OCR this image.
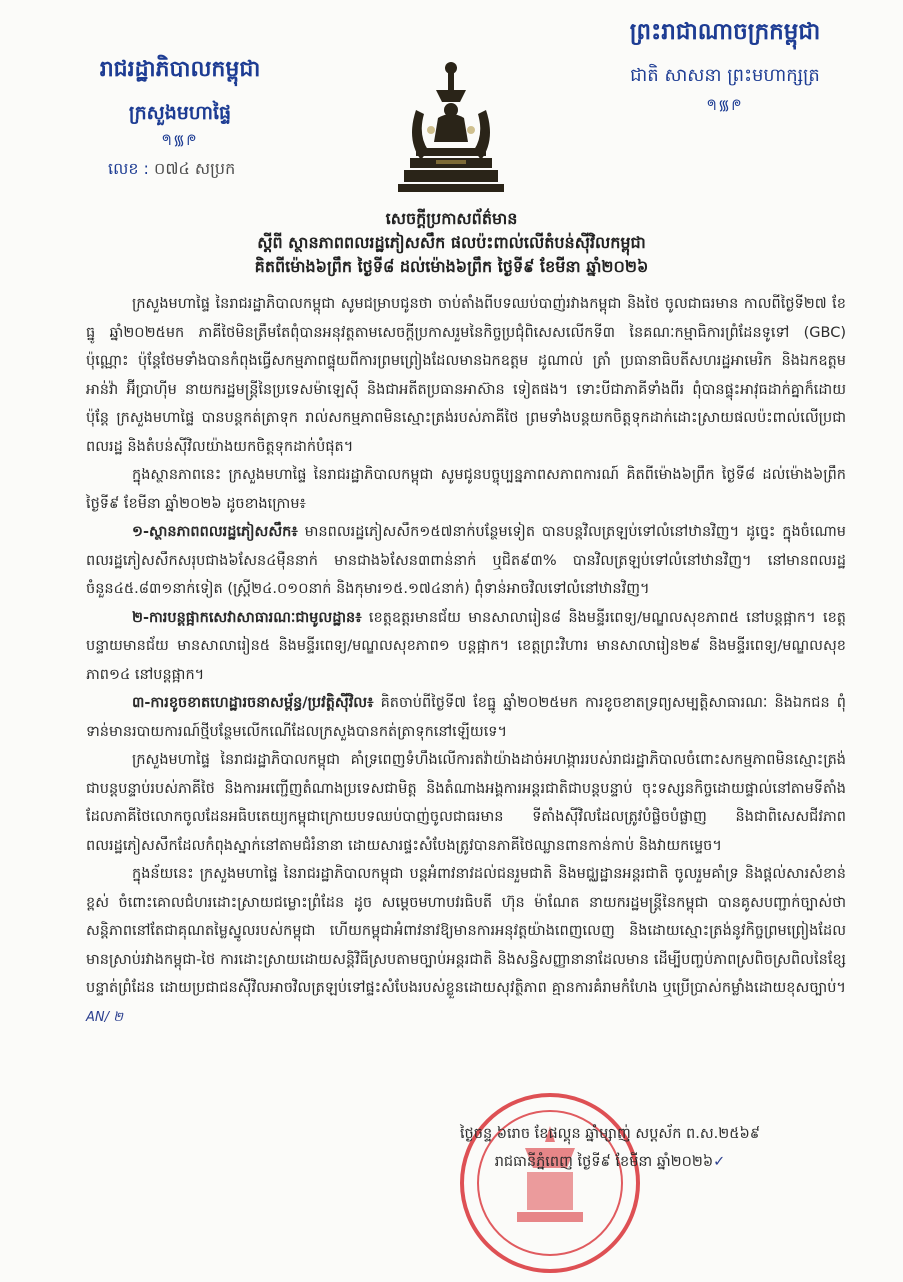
រាជរដ្ឋាភិបាលកម្ពុជា
ក្រសួងមហាផ្ទៃ
ᖗ᯾ᖘ
លេខ : ០៧៤ សប្រក
ព្រះរាជាណាចក្រកម្ពុជា
ជាតិ សាសនា ព្រះមហាក្សត្រ
ᖗ᯾ᖘ
សេចក្តីប្រកាសព័ត៌មាន
ស្តីពី ស្ថានភាពពលរដ្ឋភៀសសឹក ផលប៉ះពាល់លើតំបន់ស៊ីវិលកម្ពុជា
គិតពីម៉ោង៦ព្រឹក ថ្ងៃទី៨ ដល់ម៉ោង៦ព្រឹក ថ្ងៃទី៩ ខែមីនា ឆ្នាំ២០២៦

ក្រសួងមហាផ្ទៃ នៃរាជរដ្ឋាភិបាលកម្ពុជា សូមជម្រាបជូនថា ចាប់តាំងពីបទឈប់បាញ់រវាងកម្ពុជា និងថៃ ចូលជាធរមាន កាលពីថ្ងៃទី២៧ ខែធ្នូ ឆ្នាំ២០២៥មក ភាគីថៃមិនត្រឹមតែពុំបានអនុវត្តតាមសេចក្តីប្រកាសរួមនៃកិច្ចប្រជុំពិសេសលើកទី៣ នៃគណៈកម្មាធិការព្រំដែនទូទៅ (GBC) ប៉ុណ្ណោះ ប៉ុន្តែថែមទាំងបានកំពុងធ្វើសកម្មភាពផ្ទុយពីការព្រមព្រៀងដែលមានឯកឧត្តម ដូណាល់ ត្រាំ ប្រធានាធិបតីសហរដ្ឋអាមេរិក និងឯកឧត្តម អាន់វ៉ា អ៊ីប្រាហ៊ីម នាយករដ្ឋមន្ត្រីនៃប្រទេសម៉ាឡេស៊ី និងជាអតីតប្រធានអាស៊ាន ទៀតផង។ ទោះបីជាភាគីទាំងពីរ ពុំបានផ្ទុះអាវុធដាក់គ្នាក៏ដោយ ប៉ុន្តែ ក្រសួងមហាផ្ទៃ បានបន្តកត់ត្រាទុក រាល់សកម្មភាពមិនស្មោះត្រង់របស់ភាគីថៃ ព្រមទាំងបន្តយកចិត្តទុកដាក់ដោះស្រាយផលប៉ះពាល់លើប្រជាពលរដ្ឋ និងតំបន់ស៊ីវិលយ៉ាងយកចិត្តទុកដាក់បំផុត។

ក្នុងស្ថានភាពនេះ ក្រសួងមហាផ្ទៃ នៃរាជរដ្ឋាភិបាលកម្ពុជា សូមជូនបច្ចុប្បន្នភាពសភាពការណ៍ គិតពីម៉ោង៦ព្រឹក ថ្ងៃទី៨ ដល់ម៉ោង៦ព្រឹក ថ្ងៃទី៩ ខែមីនា ឆ្នាំ២០២៦ ដូចខាងក្រោម៖

១-ស្ថានភាពពលរដ្ឋភៀសសឹក៖ មានពលរដ្ឋភៀសសឹក១៥៧នាក់បន្ថែមទៀត បានបន្តវិលត្រឡប់ទៅលំនៅឋានវិញ។ ដូច្នេះ ក្នុងចំណោមពលរដ្ឋភៀសសឹកសរុបជាង៦សែន៤ម៉ឺននាក់ មានជាង៦សែន៣ពាន់នាក់ ឬជិត៩៣% បានវិលត្រឡប់ទៅលំនៅឋានវិញ។ នៅមានពលរដ្ឋចំនួន៤៥.៨៣១នាក់ទៀត (ស្ត្រី២៤.០១០នាក់ និងកុមារ១៥.១៧៤នាក់) ពុំទាន់អាចវិលទៅលំនៅឋានវិញ។

២-ការបន្តផ្អាកសេវាសាធារណៈជាមូលដ្ឋាន៖ ខេត្តឧត្តរមានជ័យ មានសាលារៀន៨ និងមន្ទីរពេទ្យ/មណ្ឌលសុខភាព៥ នៅបន្តផ្អាក។ ខេត្តបន្ទាយមានជ័យ មានសាលារៀន៥ និងមន្ទីរពេទ្យ/មណ្ឌលសុខភាព១ បន្តផ្អាក។ ខេត្តព្រះវិហារ មានសាលារៀន២៩ និងមន្ទីរពេទ្យ/មណ្ឌលសុខភាព១៤ នៅបន្តផ្អាក។

៣-ការខូចខាតហេដ្ឋារចនាសម្ព័ន្ធ/ប្រវត្តិស៊ីវិល៖ គិតចាប់ពីថ្ងៃទី៧ ខែធ្នូ ឆ្នាំ២០២៥មក ការខូចខាតទ្រព្យសម្បត្តិសាធារណៈ និងឯកជន ពុំទាន់មានរបាយការណ៍ថ្មីបន្ថែមលើកណើដែលក្រសួងបានកត់ត្រាទុកនៅឡើយទេ។

ក្រសួងមហាផ្ទៃ នៃរាជរដ្ឋាភិបាលកម្ពុជា គាំទ្រពេញទំហឹងលើការតវ៉ាយ៉ាងដាច់អហង្ការរបស់រាជរដ្ឋាភិបាលចំពោះសកម្មភាពមិនស្មោះត្រង់ជាបន្តបន្ទាប់របស់ភាគីថៃ និងការអញ្ជើញតំណាងប្រទេសជាមិត្ត និងតំណាងអង្គការអន្តរជាតិជាបន្តបន្ទាប់ ចុះទស្សនកិច្ចដោយផ្ទាល់នៅតាមទីតាំងដែលភាគីថៃលោកចូលដែនអធិបតេយ្យកម្ពុជាក្រោយបទឈប់បាញ់ចូលជាធរមាន ទីតាំងស៊ីវិលដែលត្រូវបំផ្លិចបំផ្លាញ និងជាពិសេសជីវភាពពលរដ្ឋភៀសសឹកដែលកំពុងស្នាក់នៅតាមជំរំនានា ដោយសារផ្ទះសំបែងត្រូវបានភាគីថៃឈ្លានពានកាន់កាប់ និងវាយកម្ទេច។

ក្នុងន័យនេះ ក្រសួងមហាផ្ទៃ នៃរាជរដ្ឋាភិបាលកម្ពុជា បន្តអំពាវនាវដល់ជនរួមជាតិ និងមជ្ឈដ្ឋានអន្តរជាតិ ចូលរួមគាំទ្រ និងផ្តល់សារសំខាន់ខ្ពស់ ចំពោះគោលជំហរដោះស្រាយជម្លោះព្រំដែន ដូច សម្តេចមហាបវរធិបតី ហ៊ុន ម៉ាណែត នាយករដ្ឋមន្ត្រីនៃកម្ពុជា បានគូសបញ្ជាក់ច្បាស់ថា សន្តិភាពនៅតែជាគុណតម្លៃស្នូលរបស់កម្ពុជា ហើយកម្ពុជាអំពាវនាវឱ្យមានការអនុវត្តយ៉ាងពេញលេញ និងដោយស្មោះត្រង់នូវកិច្ចព្រមព្រៀងដែលមានស្រាប់រវាងកម្ពុជា-ថៃ ការដោះស្រាយដោយសន្តិវិធីស្របតាមច្បាប់អន្តរជាតិ និងសន្ធិសញ្ញានានាដែលមាន ដើម្បីបញ្ចប់ភាពស្រពិចស្រពិលនៃខ្សែបន្ទាត់ព្រំដែន ដោយប្រជាជនស៊ីវិលអាចវិលត្រឡប់ទៅផ្ទះសំបែងរបស់ខ្លួនដោយសុវត្ថិភាព គ្មានការគំរាមកំហែង ឬប្រើប្រាស់កម្លាំងដោយខុសច្បាប់។ AN/ ២

ថ្ងៃចន្ទ ៦រោច ខែផល្គុន ឆ្នាំម្សាញ់ សប្តស័ក ព.ស.២៥៦៩
រាជធានីភ្នំពេញ ថ្ងៃទី៩ ខែមីនា ឆ្នាំ២០២៦✓
